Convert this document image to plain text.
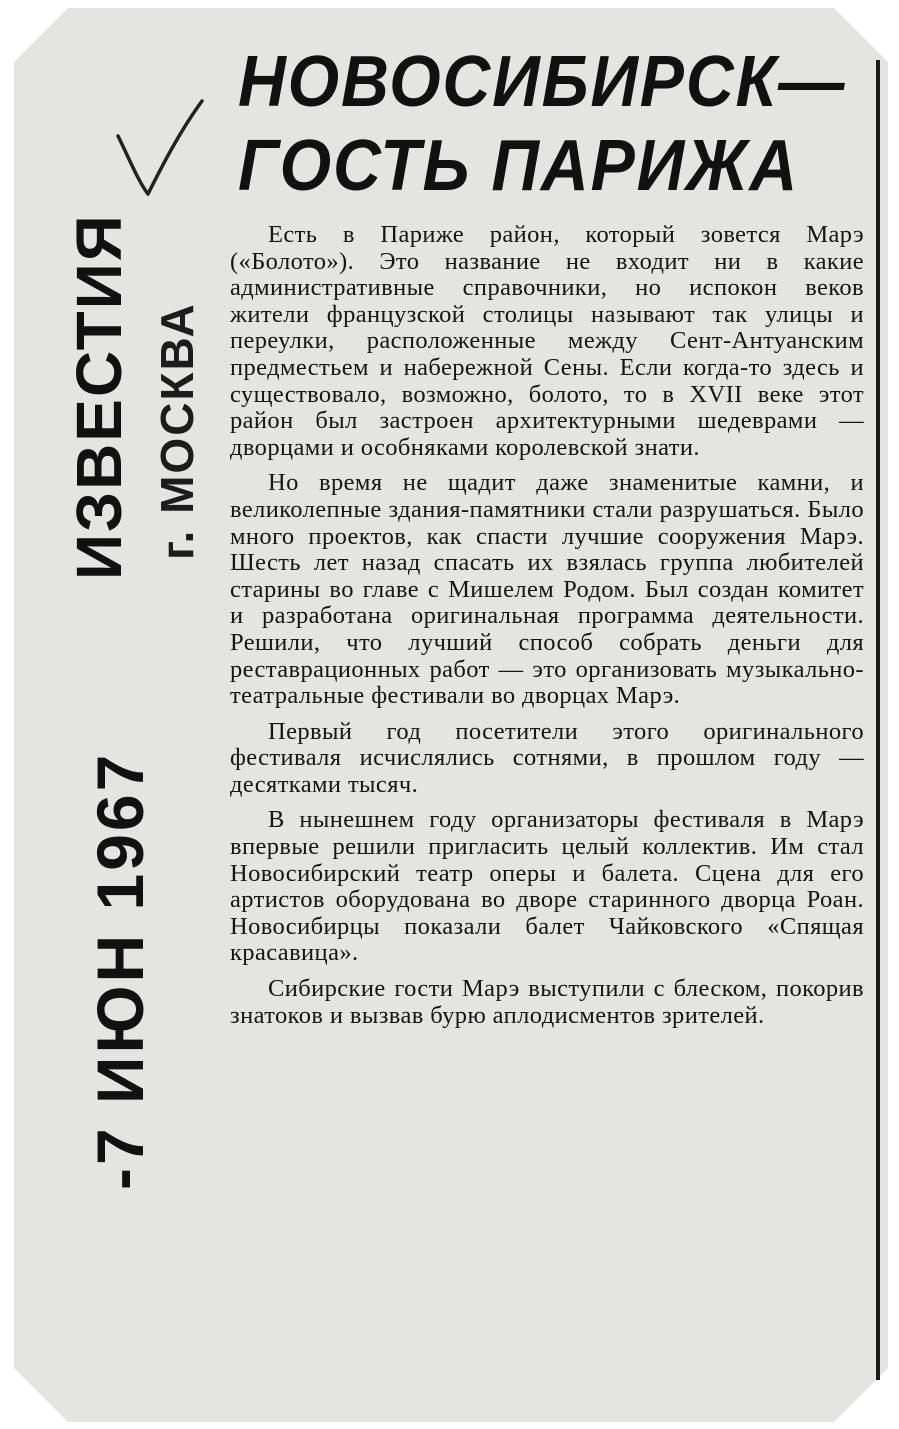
ИЗВЕСТИЯ г. МОСКВА
-7 ИЮН 1967
НОВОСИБИРСК—
ГОСТЬ ПАРИЖА

Есть в Париже район, который зовется Марэ («Болото»). Это название не входит ни в какие административные справочники, но испокон веков жители французской столицы называют так улицы и переулки, расположенные между Сент-Антуанским предместьем и набережной Сены. Если когда-то здесь и существовало, возможно, болото, то в XVII веке этот район был застроен архитектурными шедеврами — дворцами и особняками королевской знати.

Но время не щадит даже знаменитые камни, и великолепные здания-памятники стали разрушаться. Было много проектов, как спасти лучшие сооружения Марэ. Шесть лет назад спасать их взялась группа любителей старины во главе с Мишелем Родом. Был создан комитет и разработана оригинальная программа деятельности. Решили, что лучший способ собрать деньги для реставрационных работ — это организовать музыкально-театральные фестивали во дворцах Марэ.

Первый год посетители этого оригинального фестиваля исчислялись сотнями, в прошлом году — десятками тысяч.

В нынешнем году организаторы фестиваля в Марэ впервые решили пригласить целый коллектив. Им стал Новосибирский театр оперы и балета. Сцена для его артистов оборудована во дворе старинного дворца Роан. Новосибирцы показали балет Чайковского «Спящая красавица».

Сибирские гости Марэ выступили с блеском, покорив знатоков и вызвав бурю аплодисментов зрителей.
